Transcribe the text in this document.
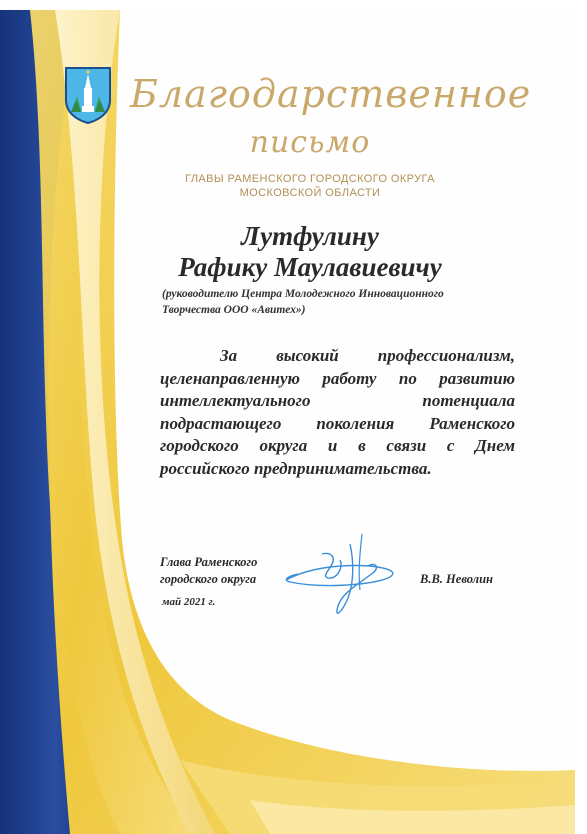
Благодарственное
письмо
ГЛАВЫ РАМЕНСКОГО ГОРОДСКОГО ОКРУГА
МОСКОВСКОЙ ОБЛАСТИ
Лутфулину
Рафику Маулавиевичу
(руководителю Центра Молодежного Инновационного
Творчества ООО «Авитех»)
За высокий профессионализм,
целенаправленную работу по развитию
интеллектуального потенциала
подрастающего поколения Раменского
городского округа и в связи с Днем
российского предпринимательства.
Глава Раменского
городского округа
май 2021 г.
В.В. Неволин
